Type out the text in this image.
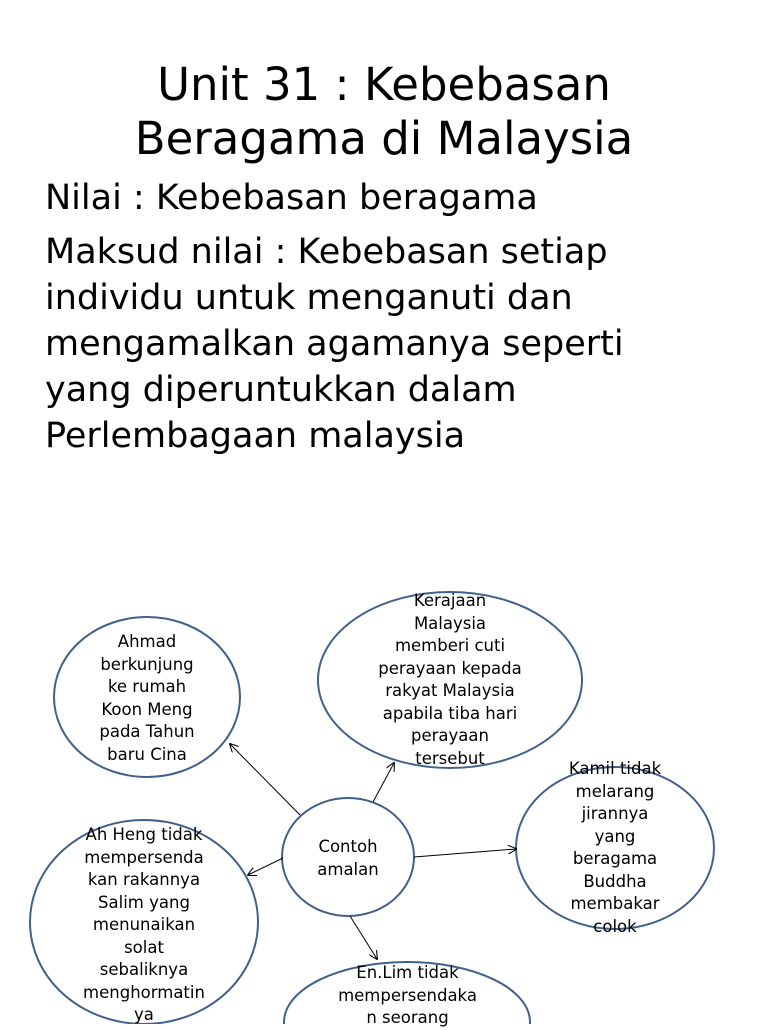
Unit 31 : Kebebasan
Beragama di Malaysia
Nilai : Kebebasan beragama
Maksud nilai : Kebebasan setiap
individu untuk menganuti dan
mengamalkan agamanya seperti
yang diperuntukkan dalam
Perlembagaan malaysia
Contoh
amalan
Ahmad
berkunjung
ke rumah
Koon Meng
pada Tahun
baru Cina
Kerajaan
Malaysia
memberi cuti
perayaan kepada
rakyat Malaysia
apabila tiba hari
perayaan
tersebut
Kamil tidak
melarang
jirannya
yang
beragama
Buddha
membakar
colok
Ah Heng tidak
mempersenda
kan rakannya
Salim yang
menunaikan
solat
sebaliknya
menghormatin
ya
En.Lim tidak
mempersendaka
n seorang
